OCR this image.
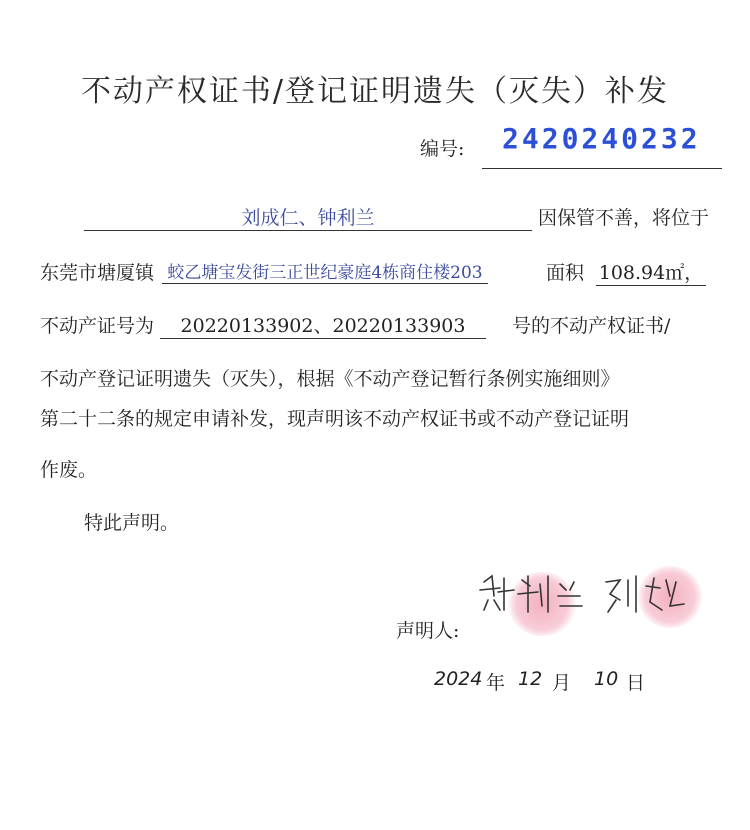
不动产权证书/登记证明遗失（灭失）补发
编号: 2420240232
刘成仁、钟利兰	因保管不善，将位于
东莞市塘厦镇 蛟乙塘宝发街三正世纪豪庭4栋商住楼203	面积 108.94㎡，
不动产证号为	20220133902、20220133903	号的不动产权证书/
不动产登记证明遗失（灭失），根据《不动产登记暂行条例实施细则》
第二十二条的规定申请补发，现声明该不动产权证书或不动产登记证明
作废。
特此声明。
声明人:
2024 年 12 月 10 日
